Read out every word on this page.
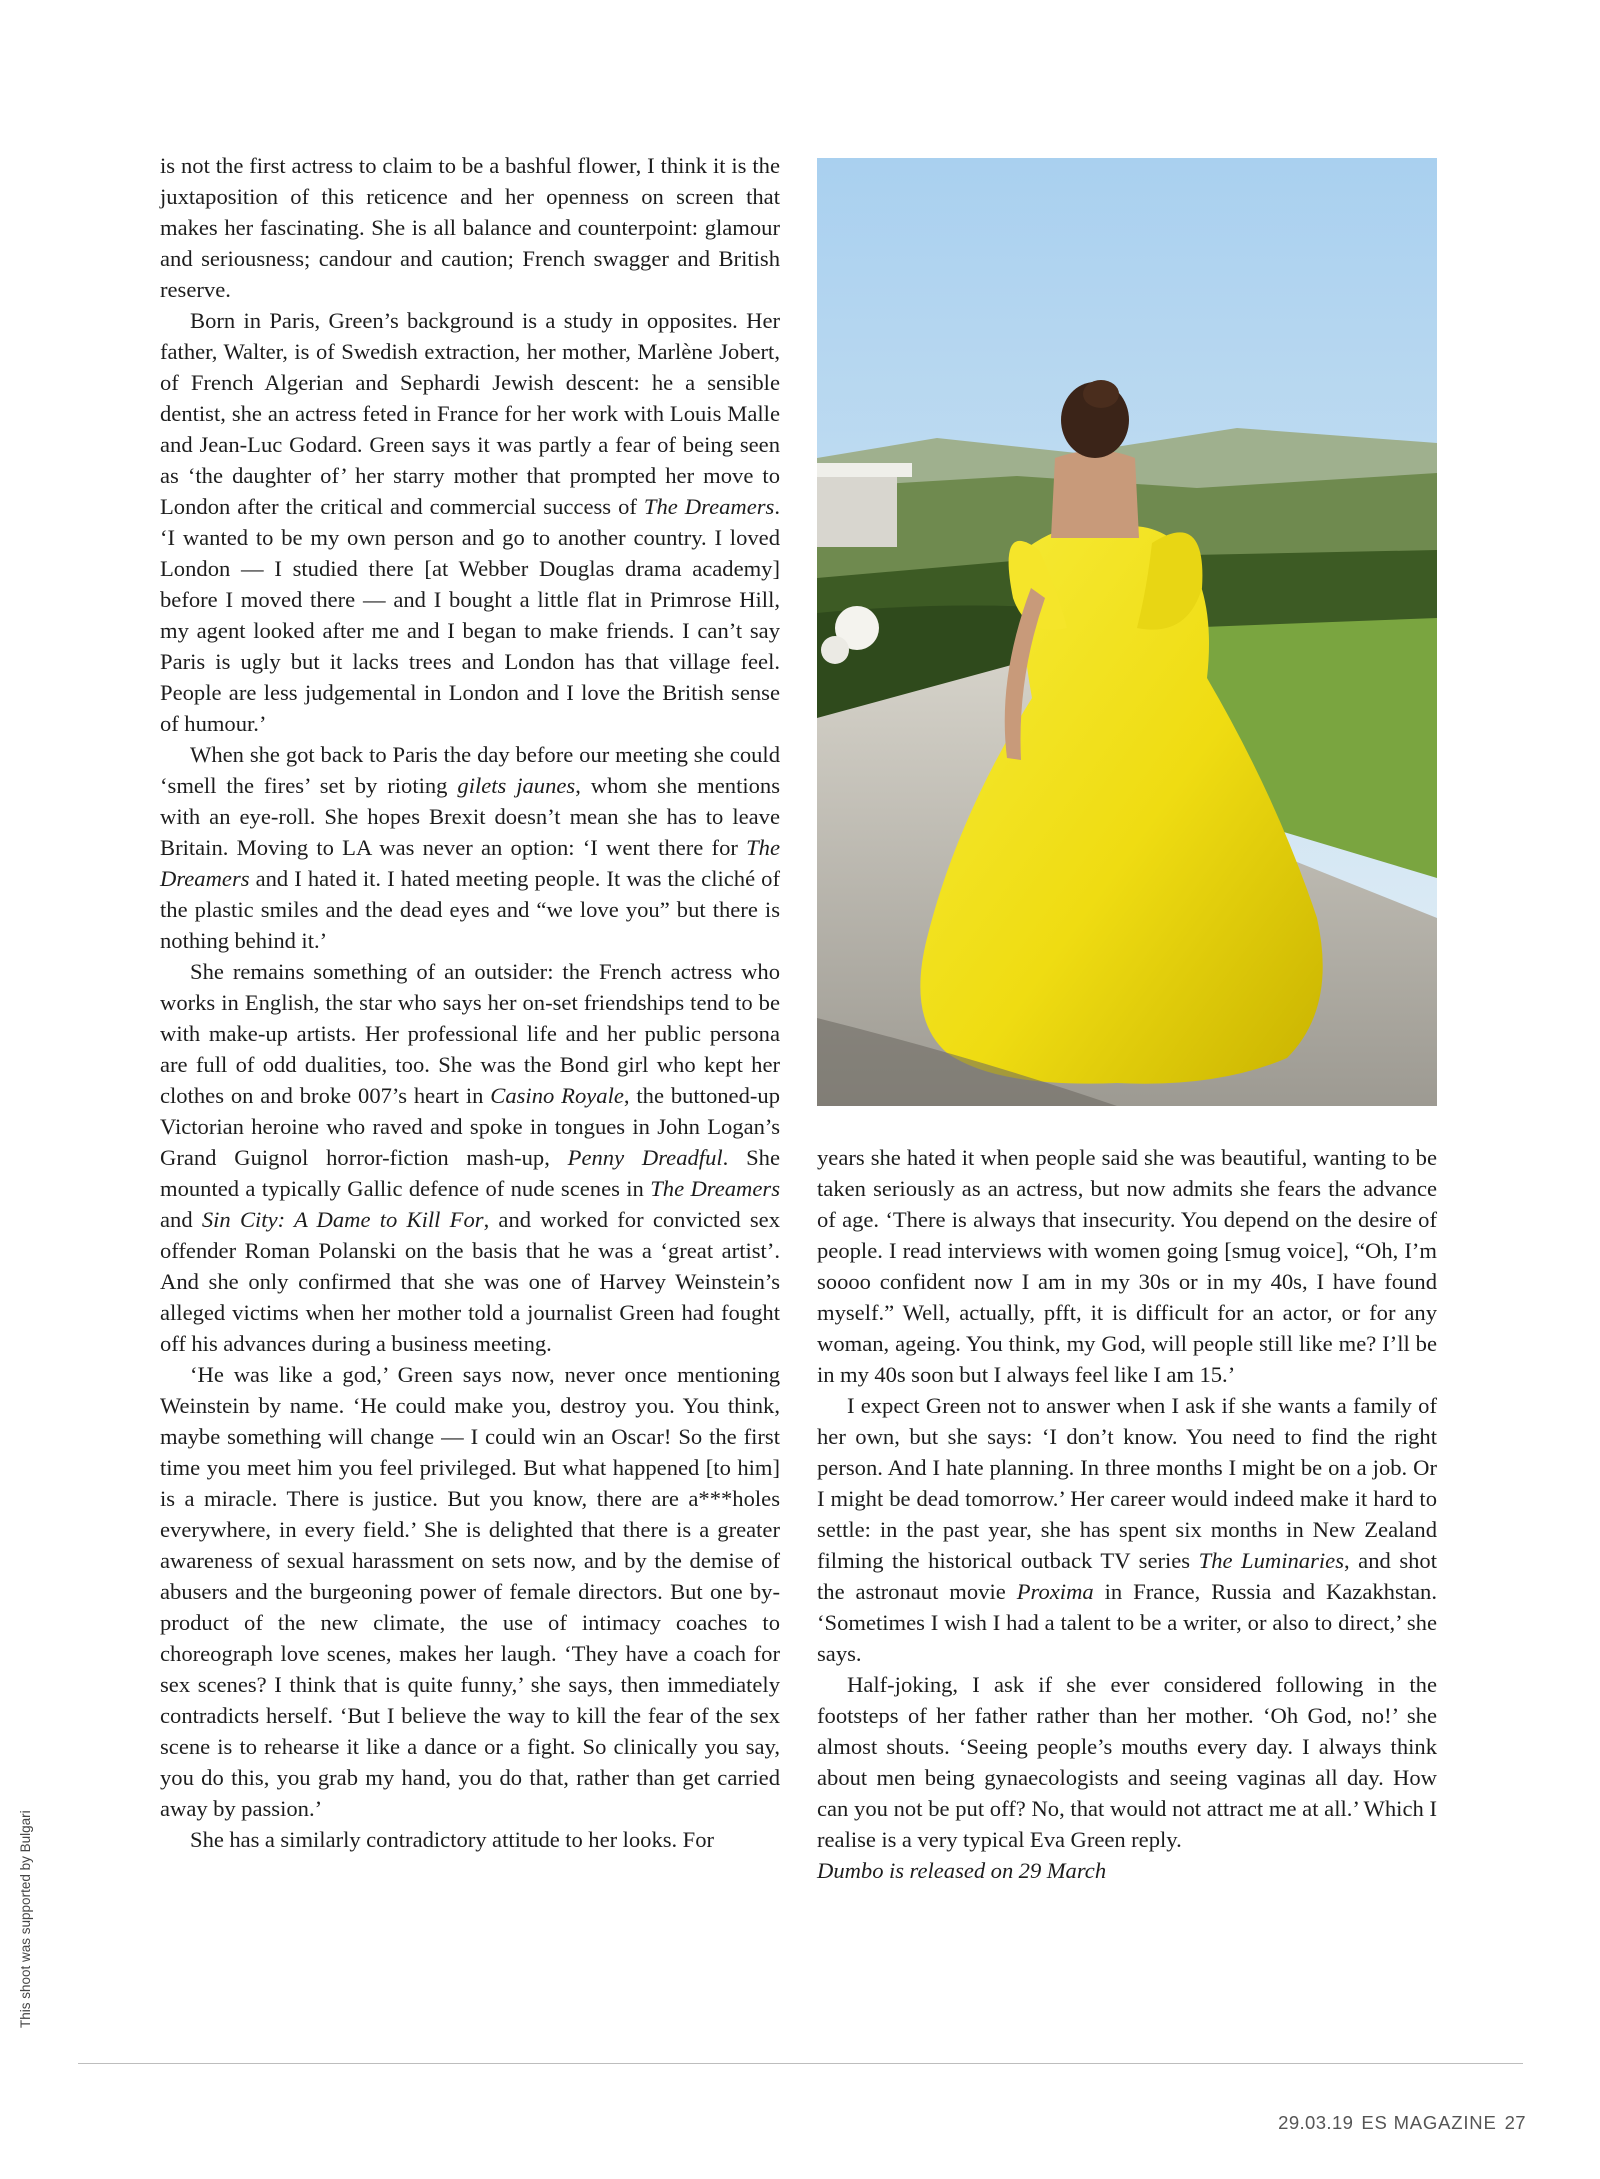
is not the first actress to claim to be a bashful flower, I think it is the juxtaposition of this reticence and her openness on screen that makes her fascinating. She is all balance and counterpoint: glamour and seriousness; candour and caution; French swagger and British reserve.

Born in Paris, Green’s background is a study in opposites. Her father, Walter, is of Swedish extraction, her mother, Marlène Jobert, of French Algerian and Sephardi Jewish descent: he a sensible dentist, she an actress feted in France for her work with Louis Malle and Jean-Luc Godard. Green says it was partly a fear of being seen as ‘the daughter of’ her starry mother that prompted her move to London after the critical and commercial success of The Dreamers. ‘I wanted to be my own person and go to another country. I loved London — I studied there [at Webber Douglas drama academy] before I moved there — and I bought a little flat in Primrose Hill, my agent looked after me and I began to make friends. I can’t say Paris is ugly but it lacks trees and London has that village feel. People are less judgemental in London and I love the British sense of humour.’

When she got back to Paris the day before our meeting she could ‘smell the fires’ set by rioting gilets jaunes, whom she mentions with an eye-roll. She hopes Brexit doesn’t mean she has to leave Britain. Moving to LA was never an option: ‘I went there for The Dreamers and I hated it. I hated meeting people. It was the cliché of the plastic smiles and the dead eyes and “we love you” but there is nothing behind it.’

She remains something of an outsider: the French actress who works in English, the star who says her on-set friendships tend to be with make-up artists. Her professional life and her public persona are full of odd dualities, too. She was the Bond girl who kept her clothes on and broke 007’s heart in Casino Royale, the buttoned-up Victorian heroine who raved and spoke in tongues in John Logan’s Grand Guignol horror-fiction mash-up, Penny Dreadful. She mounted a typically Gallic defence of nude scenes in The Dreamers and Sin City: A Dame to Kill For, and worked for convicted sex offender Roman Polanski on the basis that he was a ‘great artist’. And she only confirmed that she was one of Harvey Weinstein’s alleged victims when her mother told a journalist Green had fought off his advances during a business meeting.

‘He was like a god,’ Green says now, never once mentioning Weinstein by name. ‘He could make you, destroy you. You think, maybe something will change — I could win an Oscar! So the first time you meet him you feel privileged. But what happened [to him] is a miracle. There is justice. But you know, there are a***holes everywhere, in every field.’ She is delighted that there is a greater awareness of sexual harassment on sets now, and by the demise of abusers and the burgeoning power of female directors. But one by-product of the new climate, the use of intimacy coaches to choreograph love scenes, makes her laugh. ‘They have a coach for sex scenes? I think that is quite funny,’ she says, then immediately contradicts herself. ‘But I believe the way to kill the fear of the sex scene is to rehearse it like a dance or a fight. So clinically you say, you do this, you grab my hand, you do that, rather than get carried away by passion.’

She has a similarly contradictory attitude to her looks. For

years she hated it when people said she was beautiful, wanting to be taken seriously as an actress, but now admits she fears the advance of age. ‘There is always that insecurity. You depend on the desire of people. I read interviews with women going [smug voice], “Oh, I’m soooo confident now I am in my 30s or in my 40s, I have found myself.” Well, actually, pfft, it is difficult for an actor, or for any woman, ageing. You think, my God, will people still like me? I’ll be in my 40s soon but I always feel like I am 15.’

I expect Green not to answer when I ask if she wants a family of her own, but she says: ‘I don’t know. You need to find the right person. And I hate planning. In three months I might be on a job. Or I might be dead tomorrow.’ Her career would indeed make it hard to settle: in the past year, she has spent six months in New Zealand filming the historical outback TV series The Luminaries, and shot the astronaut movie Proxima in France, Russia and Kazakhstan. ‘Sometimes I wish I had a talent to be a writer, or also to direct,’ she says.

Half-joking, I ask if she ever considered following in the footsteps of her father rather than her mother. ‘Oh God, no!’ she almost shouts. ‘Seeing people’s mouths every day. I always think about men being gynaecologists and seeing vaginas all day. How can you not be put off? No, that would not attract me at all.’ Which I realise is a very typical Eva Green reply.

Dumbo is released on 29 March

This shoot was supported by Bulgari
29.03.19 ES MAGAZINE 27
